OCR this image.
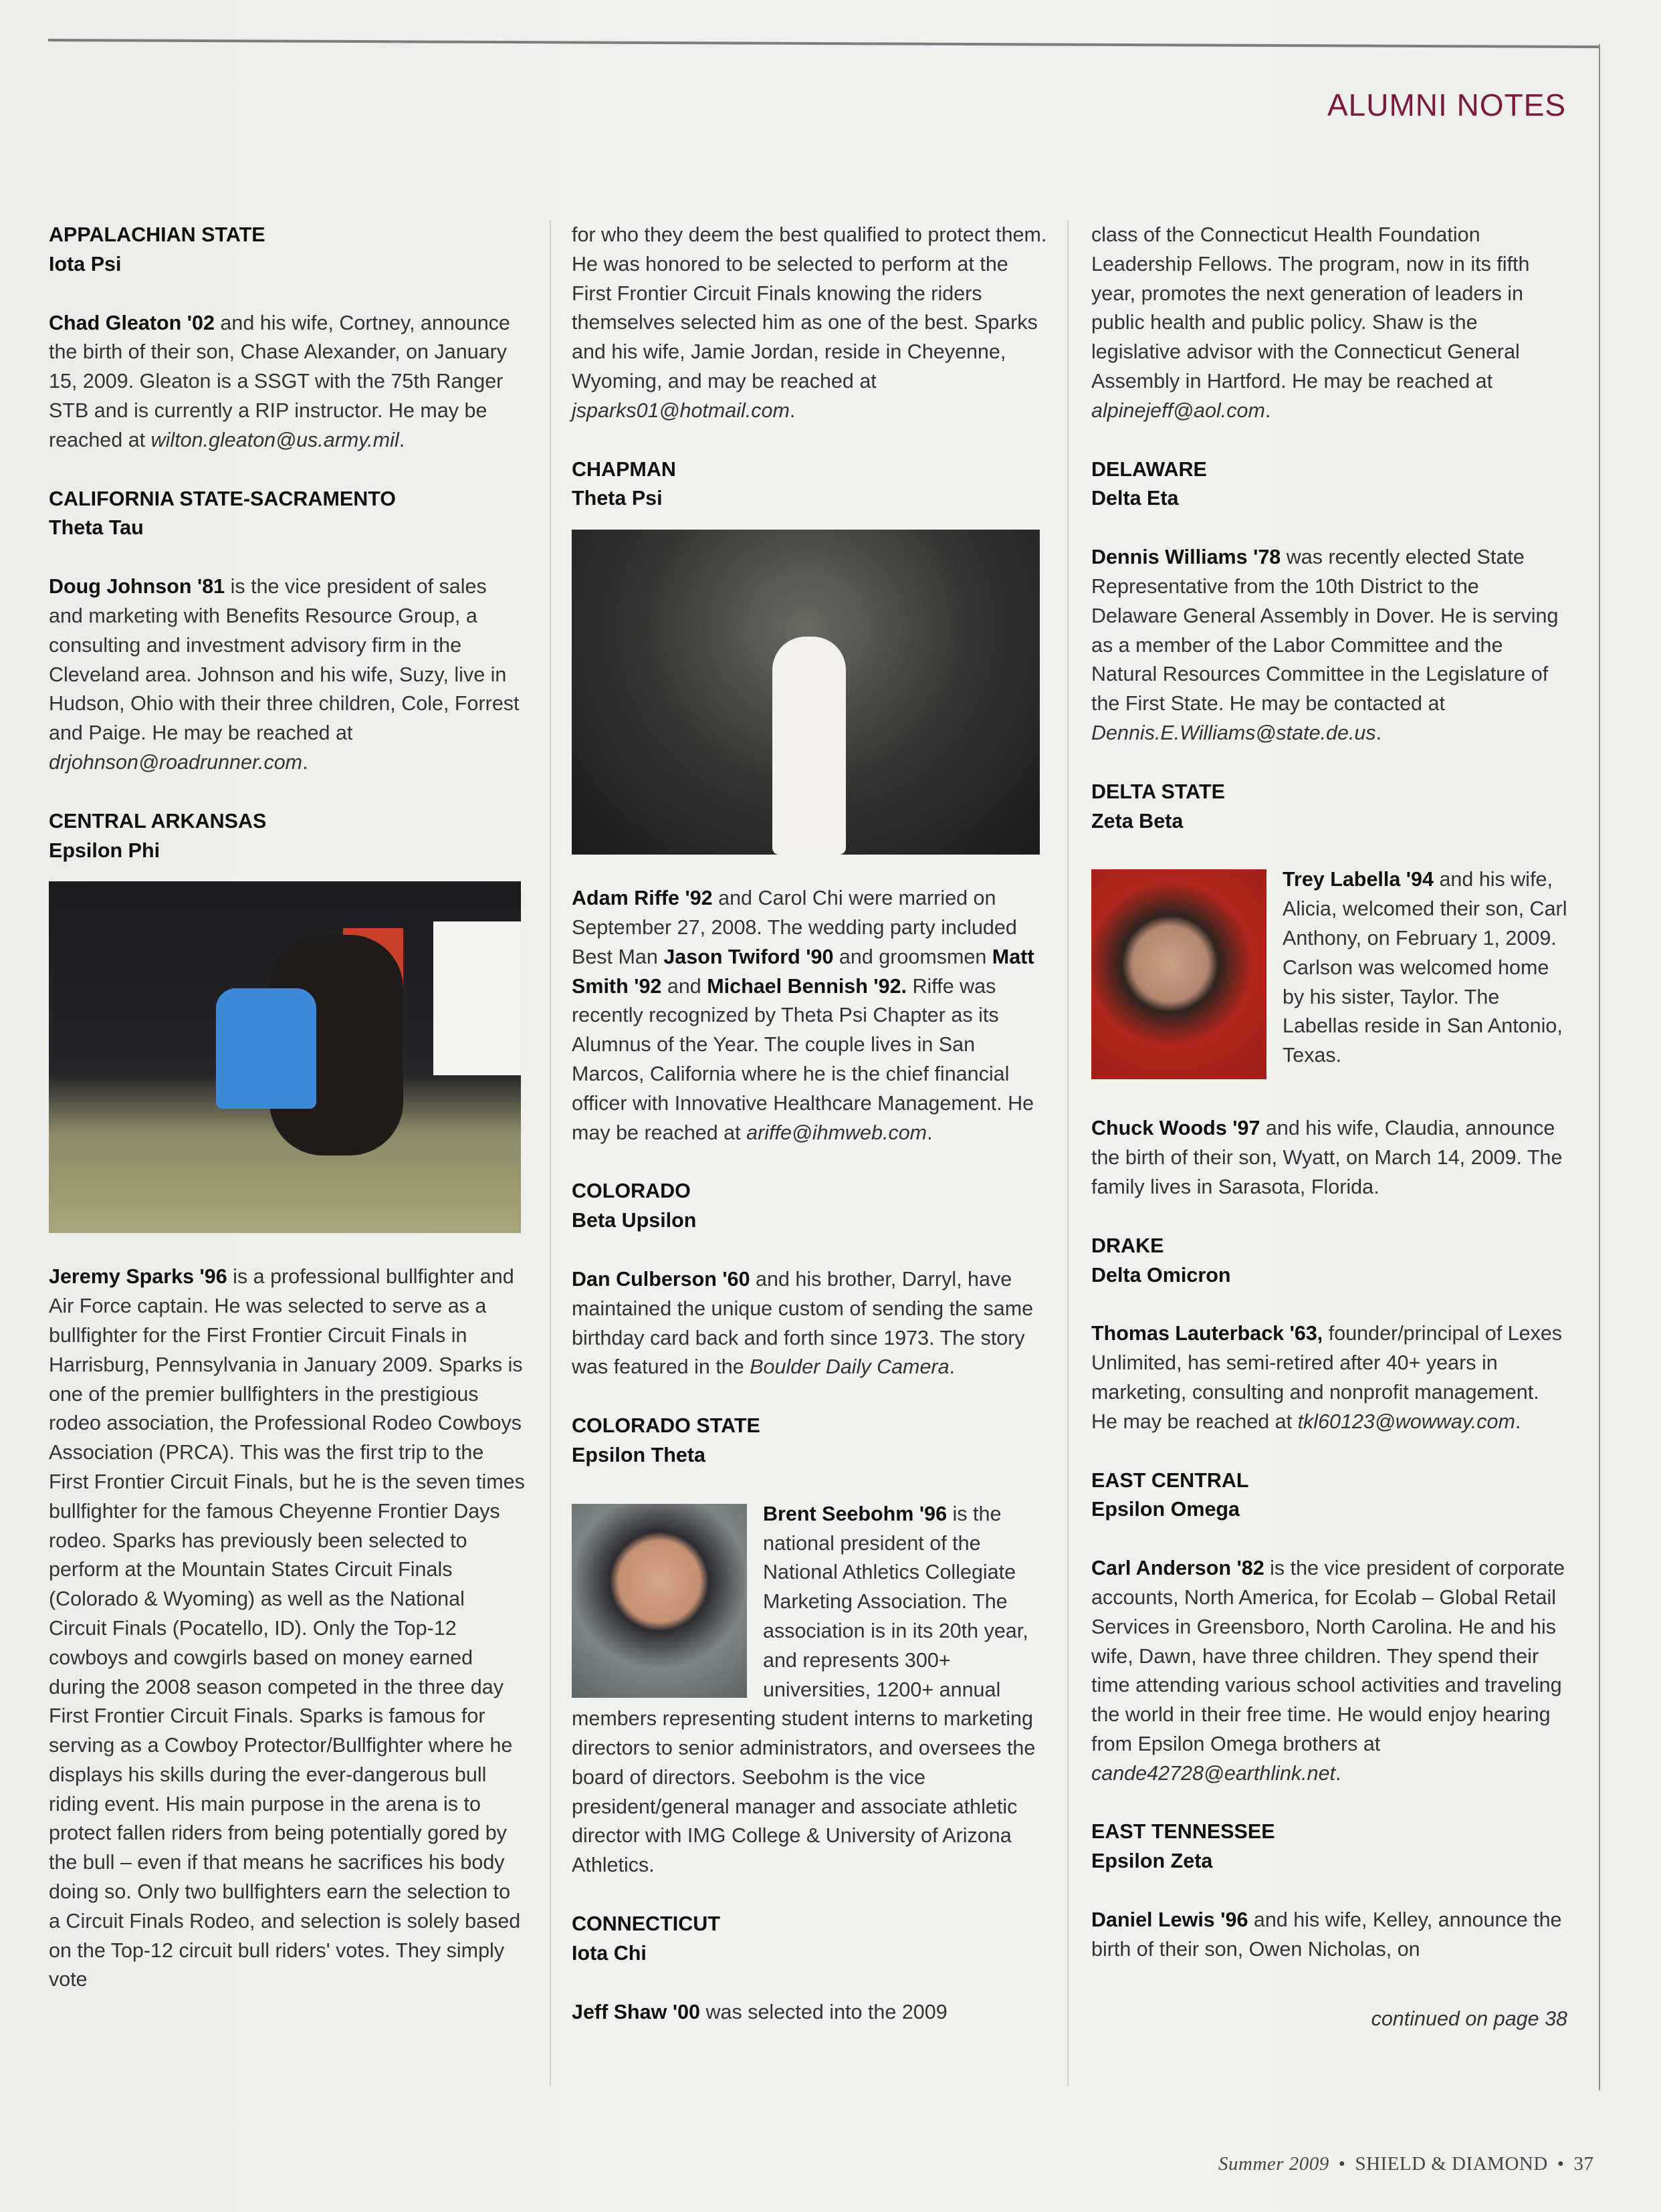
ALUMNI NOTES
APPALACHIAN STATE
Iota Psi

Chad Gleaton '02 and his wife, Cortney, announce the birth of their son, Chase Alexander, on January 15, 2009. Gleaton is a SSGT with the 75th Ranger STB and is currently a RIP instructor. He may be reached at wilton.gleaton@us.army.mil.

CALIFORNIA STATE-SACRAMENTO
Theta Tau

Doug Johnson '81 is the vice president of sales and marketing with Benefits Resource Group, a consulting and investment advisory firm in the Cleveland area. Johnson and his wife, Suzy, live in Hudson, Ohio with their three children, Cole, Forrest and Paige. He may be reached at drjohnson@roadrunner.com.

CENTRAL ARKANSAS
Epsilon Phi

Jeremy Sparks '96 is a professional bullfighter and Air Force captain. He was selected to serve as a bullfighter for the First Frontier Circuit Finals in Harrisburg, Pennsylvania in January 2009. Sparks is one of the premier bullfighters in the prestigious rodeo association, the Professional Rodeo Cowboys Association (PRCA). This was the first trip to the First Frontier Circuit Finals, but he is the seven times bullfighter for the famous Cheyenne Frontier Days rodeo. Sparks has previously been selected to perform at the Mountain States Circuit Finals (Colorado & Wyoming) as well as the National Circuit Finals (Pocatello, ID). Only the Top-12 cowboys and cowgirls based on money earned during the 2008 season competed in the three day First Frontier Circuit Finals. Sparks is famous for serving as a Cowboy Protector/Bullfighter where he displays his skills during the ever-dangerous bull riding event. His main purpose in the arena is to protect fallen riders from being potentially gored by the bull – even if that means he sacrifices his body doing so. Only two bullfighters earn the selection to a Circuit Finals Rodeo, and selection is solely based on the Top-12 circuit bull riders' votes. They simply vote

for who they deem the best qualified to protect them. He was honored to be selected to perform at the First Frontier Circuit Finals knowing the riders themselves selected him as one of the best. Sparks and his wife, Jamie Jordan, reside in Cheyenne, Wyoming, and may be reached at jsparks01@hotmail.com.

CHAPMAN
Theta Psi

Adam Riffe '92 and Carol Chi were married on September 27, 2008. The wedding party included Best Man Jason Twiford '90 and groomsmen Matt Smith '92 and Michael Bennish '92. Riffe was recently recognized by Theta Psi Chapter as its Alumnus of the Year. The couple lives in San Marcos, California where he is the chief financial officer with Innovative Healthcare Management. He may be reached at ariffe@ihmweb.com.

COLORADO
Beta Upsilon

Dan Culberson '60 and his brother, Darryl, have maintained the unique custom of sending the same birthday card back and forth since 1973. The story was featured in the Boulder Daily Camera.

COLORADO STATE
Epsilon Theta
Brent Seebohm '96 is the national president of the National Athletics Collegiate Marketing Association. The association is in its 20th year, and represents 300+ universities, 1200+ annual members representing student interns to marketing directors to senior administrators, and oversees the board of directors. Seebohm is the vice president/general manager and associate athletic director with IMG College & University of Arizona Athletics.
CONNECTICUT
Iota Chi

Jeff Shaw '00 was selected into the 2009

class of the Connecticut Health Foundation Leadership Fellows. The program, now in its fifth year, promotes the next generation of leaders in public health and public policy. Shaw is the legislative advisor with the Connecticut General Assembly in Hartford. He may be reached at alpinejeff@aol.com.

DELAWARE
Delta Eta

Dennis Williams '78 was recently elected State Representative from the 10th District to the Delaware General Assembly in Dover. He is serving as a member of the Labor Committee and the Natural Resources Committee in the Legislature of the First State. He may be contacted at Dennis.E.Williams@state.de.us.

DELTA STATE
Zeta Beta
Trey Labella '94 and his wife, Alicia, welcomed their son, Carl Anthony, on February 1, 2009. Carlson was welcomed home by his sister, Taylor. The Labellas reside in San Antonio, Texas.

Chuck Woods '97 and his wife, Claudia, announce the birth of their son, Wyatt, on March 14, 2009. The family lives in Sarasota, Florida.

DRAKE
Delta Omicron

Thomas Lauterback '63, founder/principal of Lexes Unlimited, has semi-retired after 40+ years in marketing, consulting and nonprofit management. He may be reached at tkl60123@wowway.com.

EAST CENTRAL
Epsilon Omega

Carl Anderson '82 is the vice president of corporate accounts, North America, for Ecolab – Global Retail Services in Greensboro, North Carolina. He and his wife, Dawn, have three children. They spend their time attending various school activities and traveling the world in their free time. He would enjoy hearing from Epsilon Omega brothers at cande42728@earthlink.net.

EAST TENNESSEE
Epsilon Zeta

Daniel Lewis '96 and his wife, Kelley, announce the birth of their son, Owen Nicholas, on

continued on page 38

Summer 2009 • SHIELD & DIAMOND • 37
